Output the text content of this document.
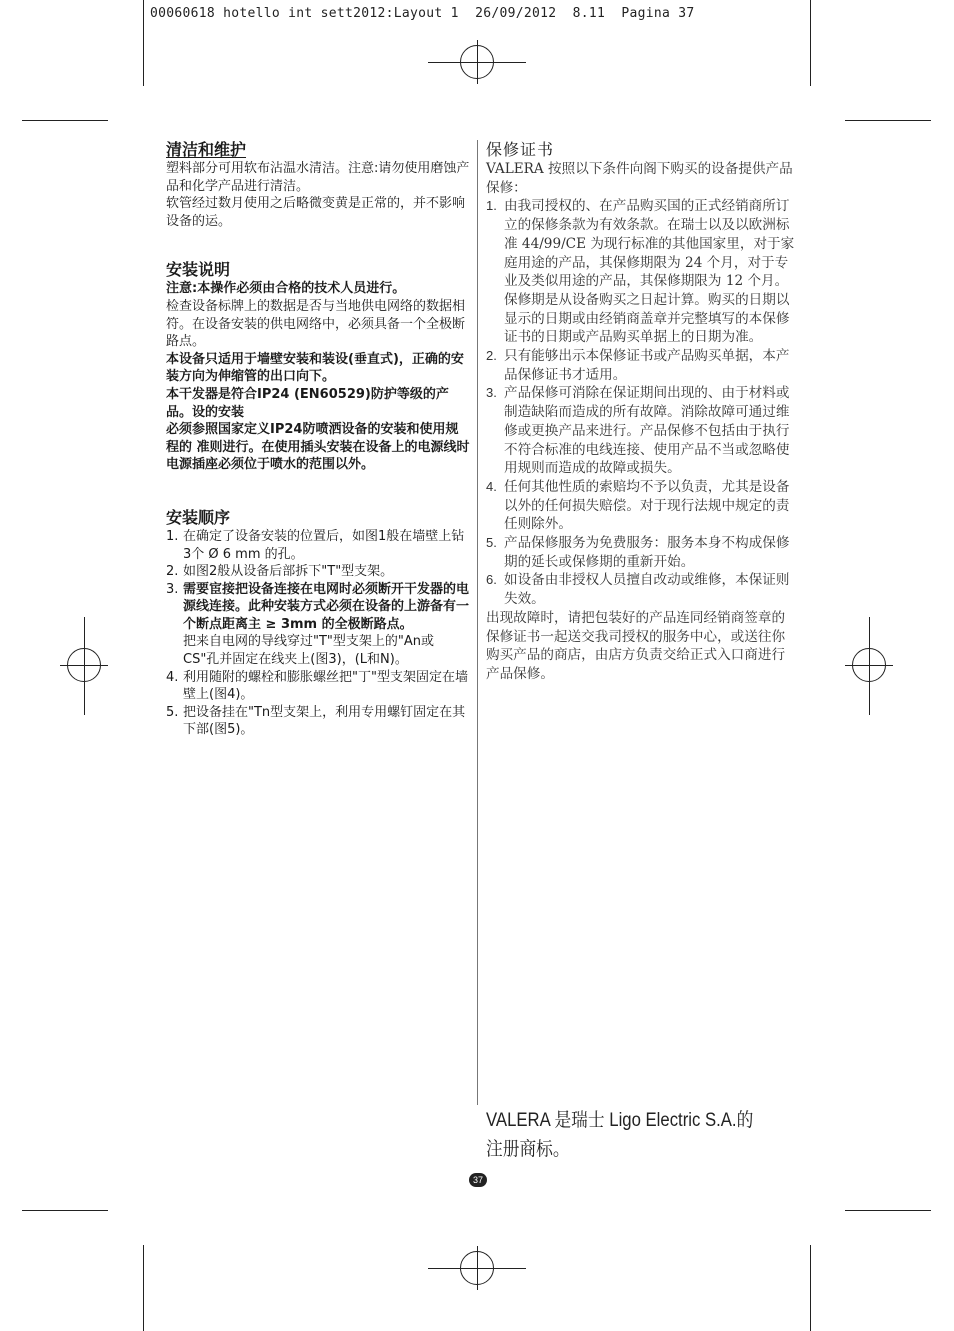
00060618 hotello int sett2012:Layout 1  26/09/2012  8.11  Pagina 37
清洁和维护

塑料部分可用软布沾温水清洁。注意:请勿使用磨蚀产品和化学产品进行清洁。

软管经过数月使用之后略微变黄是正常的，并不影响设备的运。

安装说明

注意:本操作必须由合格的技术人员进行。

检查设备标牌上的数据是否与当地供电网络的数据相符。在设备安装的供电网络中，必须具备一个全极断路点。

本设备只适用于墙壁安装和装设(垂直式)，正确的安装方向为伸缩管的出口向下。

本干发器是符合IP24 (EN60529)防护等级的产品。设的安装

必须参照国家定义IP24防喷洒设备的安装和使用规程的 准则进行。在使用插头安装在设备上的电源线时电源插座必须位于喷水的范围以外。

安装顺序
1. 在确定了设备安装的位置后，如图1般在墙壁上钻3个 Ø 6 mm 的孔。
2. 如图2般从设备后部拆下"T"型支架。
3. 需要宦接把设备连接在电网时必须断开干发器的电源线连接。此种安装方式必须在设备的上游备有一个断点距离主 ≥ 3mm 的全极断路点。
把来自电网的导线穿过"T"型支架上的"An或CS"孔并固定在线夹上(图3)，(L和N)。
4. 利用随附的螺栓和膨胀螺丝把"丁"型支架固定在墙壁上(图4)。
5. 把设备挂在"Tn型支架上，利用专用螺钉固定在其下部(图5)。
保修证书

VALERA 按照以下条件向阁下购买的设备提供产品保修：

1. 由我司授权的、在产品购买国的正式经销商所订立的保修条款为有效条款。在瑞士以及以欧洲标准 44/99/CE 为现行标准的其他国家里，对于家庭用途的产品，其保修期限为 24 个月，对于专业及类似用途的产品，其保修期限为 12 个月。保修期是从设备购买之日起计算。购买的日期以显示的日期或由经销商盖章并完整填写的本保修证书的日期或产品购买单据上的日期为准。
2. 只有能够出示本保修证书或产品购买单据，本产品保修证书才适用。
3. 产品保修可消除在保证期间出现的、由于材料或制造缺陷而造成的所有故障。消除故障可通过维修或更换产品来进行。产品保修不包括由于执行不符合标准的电线连接、使用产品不当或忽略使用规则而造成的故障或损失。
4. 任何其他性质的索赔均不予以负责，尤其是设备以外的任何损失赔偿。对于现行法规中规定的责任则除外。
5. 产品保修服务为免费服务：服务本身不构成保修期的延长或保修期的重新开始。
6. 如设备由非授权人员擅自改动或维修，本保证则失效。

出现故障时，请把包装好的产品连同经销商签章的保修证书一起送交我司授权的服务中心，或送往你购买产品的商店，由店方负责交给正式入口商进行产品保修。

VALERA 是瑞士 Ligo Electric S.A.的注册商标。
37
